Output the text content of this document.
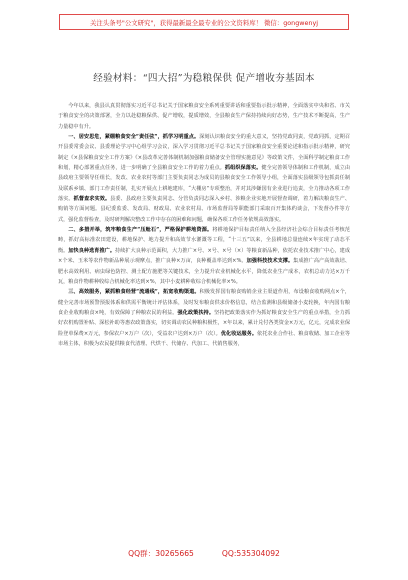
关注头条号"公文研究"，获得最新最全最专业的公文资料库！ 微信：gongwenyj
经验材料：“四大招”为稳粮保供 促产增收夯基固本

今年以来，我县认真贯彻落实习近平总书记关于国家粮食安全系列重要讲话和重要指示批示精神，全面落实中央和省、市关于粮食安全的决策部署，全力以赴稳粮保供、促产增收，提质增效，全县粮食生产保持持续向好态势，生产技术不断提高，生产力量稳中有升。

一、居安思危，紧绷粮食安全“责任弦”，抓学习明重点。深刻认识粮食安全的重大意义，坚持党政同责，党政同抓，定期召开县委常委会议、县委理论学习中心组学习会议，深入学习贯彻习近平总书记关于国家粮食安全重要论述和指示批示精神，研究制定《×县保粮食安全工作方案》《×县改革完善体制机制加强粮食储备安全管理实施意见》等政策文件，全面科学制定粮食工作和划，精心部署重点任务，进一步明确了全县粮食安全工作的着力重点。抓组织保落实。健全完善领导体制和工作机制，成立由县政府主要领导任组长，发改、农业农村等部门主要负责同志为成员的县粮食安全工作领导小组，全面落实县级领导包抓责任制及联系乡镇、部门工作责任制，扎实开展点上耕地建库，“大棚房”专项整治，并对其涉嫌国有企业进行追责，全力推动各项工作落实。抓督查求实效。县委、县政府主要负责同志、分管负责同志深入乡村、涉粮企业实地开展督查调研，着力解决粮食生产、购销等方面问题。县纪委监委、发改局、财政局、农业农村局、市场监督局等职能部门采取百开集体约谈会，下发督办件等方式，强化监督检查，及时研判解决整改工作中存在的困难和问题，确保各项工作任务依规高效落实。

二、多措并举，筑牢粮食生产“压舱石”，严格保护耕地资源。将耕地保护目标责任纳入全县经济社会综合目标责任考核范畴，抓好高标准农田建设，耕地保护、地力提升和高效节水灌溉等工程，“十三五”以来，全县耕地总量连续×年实现了动态平衡。加快良种选育推广。持续扩大良种示范面积，大力推广×号、×号、×号（×）等粮食新品种，依托农业技术推广中心，建成×个米、玉米等农作物新品种展示观摩点，推广良种×万亩，良种覆盖率达到×%。加强科技技术支撑。集成推广高产高效栽培、肥水高效利用、病虫绿色防控、测土配方施肥等关键技术，全力提升农业机械化水平，降低农业生产成本，农机总动力达×万千瓦，粮食作物耕种收综合机械化率达到×%，其中小麦耕种收综合机械化率×%。

三、高效服务，紧抓粮食经营“流通线”，拓宽收购渠道。积极发挥国有粮食购销企业主渠道作用，布设粮食收购网点×个，健全完善市场预警预报体系和供需平衡统计评估体系，及时发布粮食供求价格信息，结合监测和县级储备小麦轮换，年内国有粮食企业收购粮食×吨，有效保障了种粮农民的利益。强化政策扶持。坚持把政策落实作为抓好粮食安全生产的重点举措，全力抓好农机购置补贴、深松补助等惠农政策落实，切实调动农民种粮积极性，×年以来，累计兑付各类资金×万元，亿元，完成农业保险登单保费×万元，参保农户×万户（次），受益农户达到×万户（次）。优化收运服务。依托农业合作社、粮食收储、加工企业等市场主体，积极为农民提供粮食代清理、代烘干、代储存、代加工、代销售服务，

QQ群：30265665	QQ:535304092
